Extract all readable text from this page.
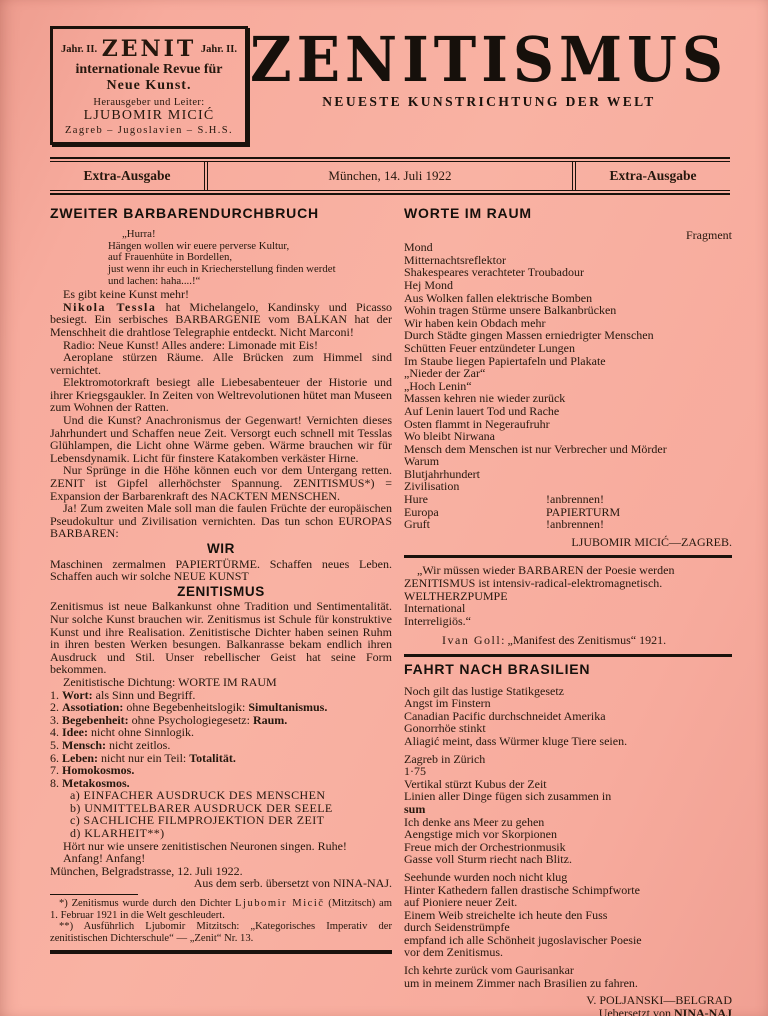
Jahr. II. ZENIT Jahr. II.
internationale Revue für
Neue Kunst.
Herausgeber und Leiter:
LJUBOMIR MICIĆ
Zagreb – Jugoslavien – S.H.S.
ZENITISMUS
NEUESTE KUNSTRICHTUNG DER WELT
Extra-Ausgabe	München, 14. Juli 1922	Extra-Ausgabe
ZWEITER BARBARENDURCHBRUCH
„Hurra!
Hängen wollen wir euere perverse Kultur,
auf Frauenhüte in Bordellen,
just wenn ihr euch in Kriecherstellung finden werdet
und lachen: haha....!“
Es gibt keine Kunst mehr!
Nikola Tessla hat Michelangelo, Kandinsky und Picasso besiegt. Ein serbisches BARBARGENIE vom BALKAN hat der Menschheit die drahtlose Telegraphie entdeckt. Nicht Marconi!
Radio: Neue Kunst! Alles andere: Limonade mit Eis!
Aeroplane stürzen Räume. Alle Brücken zum Himmel sind vernichtet.
Elektromotorkraft besiegt alle Liebesabenteuer der Historie und ihrer Kriegsgaukler. In Zeiten von Weltrevolutionen hütet man Museen zum Wohnen der Ratten.
Und die Kunst? Anachronismus der Gegenwart! Vernichten dieses Jahrhundert und Schaffen neue Zeit. Versorgt euch schnell mit Tesslas Glühlampen, die Licht ohne Wärme geben. Wärme brauchen wir für Lebensdynamik. Licht für finstere Katakomben verkäster Hirne.
Nur Sprünge in die Höhe können euch vor dem Untergang retten. ZENIT ist Gipfel allerhöchster Spannung. ZENITISMUS*) = Expansion der Barbarenkraft des NACKTEN MENSCHEN.
Ja! Zum zweiten Male soll man die faulen Früchte der europäischen Pseudokultur und Zivilisation vernichten. Das tun schon EUROPAS BARBAREN:
WIR
Maschinen zermalmen PAPIERTÜRME. Schaffen neues Leben. Schaffen auch wir solche NEUE KUNST
ZENITISMUS
Zenitismus ist neue Balkankunst ohne Tradition und Sentimentalität. Nur solche Kunst brauchen wir. Zenitismus ist Schule für konstruktive Kunst und ihre Realisation. Zenitistische Dichter haben seinen Ruhm in ihren besten Werken besungen. Balkanrasse bekam endlich ihren Ausdruck und Stil. Unser rebellischer Geist hat seine Form bekommen.
Zenitistische Dichtung: WORTE IM RAUM
1. Wort: als Sinn und Begriff.
2. Assotiation: ohne Begebenheitslogik: Simultanismus.
3. Begebenheit: ohne Psychologiegesetz: Raum.
4. Idee: nicht ohne Sinnlogik.
5. Mensch: nicht zeitlos.
6. Leben: nicht nur ein Teil: Totalität.
7. Homokosmos.
8. Metakosmos.
a) EINFACHER AUSDRUCK DES MENSCHEN
b) UNMITTELBARER AUSDRUCK DER SEELE
c) SACHLICHE FILMPROJEKTION DER ZEIT
d) KLARHEIT**)
Hört nur wie unsere zenitistischen Neuronen singen. Ruhe!
Anfang! Anfang!
München, Belgradstrasse, 12. Juli 1922.
Aus dem serb. übersetzt von NINA-NAJ.
*) Zenitismus wurde durch den Dichter Ljubomir Micič (Mitzitsch) am 1. Februar 1921 in die Welt geschleudert.
**) Ausführlich Ljubomir Mitzitsch: „Kategorisches Imperativ der zenitistischen Dichterschule“ — „Zenit“ Nr. 13.
WORTE IM RAUM
Fragment
Mond
Mitternachtsreflektor
Shakespeares verachteter Troubadour
Hej Mond
Aus Wolken fallen elektrische Bomben
Wohin tragen Stürme unsere Balkanbrücken
Wir haben kein Obdach mehr
Durch Städte gingen Massen erniedrigter Menschen
Schütten Feuer entzündeter Lungen
Im Staube liegen Papiertafeln und Plakate
„Nieder der Zar“
„Hoch Lenin“
Massen kehren nie wieder zurück
Auf Lenin lauert Tod und Rache
Osten flammt in Negeraufruhr
Wo bleibt Nirwana
Mensch dem Menschen ist nur Verbrecher und Mörder
Warum
Blutjahrhundert
Zivilisation
Hure	!anbrennen!
Europa	PAPIERTURM
Gruft	!anbrennen!
LJUBOMIR MICIĆ—ZAGREB.
„Wir müssen wieder BARBAREN der Poesie werden
ZENITISMUS ist intensiv-radical-elektromagnetisch.
WELTHERZPUMPE
International
Interreligiös.“
Ivan Goll: „Manifest des Zenitismus“ 1921.
FAHRT NACH BRASILIEN
Noch gilt das lustige Statikgesetz
Angst im Finstern
Canadian Pacific durchschneidet Amerika
Gonorrhöe stinkt
Aliagić meint, dass Würmer kluge Tiere seien.
Zagreb in Zürich
1·75
Vertikal stürzt Kubus der Zeit
Linien aller Dinge fügen sich zusammen in
sum
Ich denke ans Meer zu gehen
Aengstige mich vor Skorpionen
Freue mich der Orchestrionmusik
Gasse voll Sturm riecht nach Blitz.
Seehunde wurden noch nicht klug
Hinter Kathedern fallen drastische Schimpfworte
auf Pioniere neuer Zeit.
Einem Weib streichelte ich heute den Fuss
durch Seidenstrümpfe
empfand ich alle Schönheit jugoslavischer Poesie
vor dem Zenitismus.
Ich kehrte zurück vom Gaurisankar
um in meinem Zimmer nach Brasilien zu fahren.
V. POLJANSKI—BELGRAD
Uebersetzt von NINA-NAJ
